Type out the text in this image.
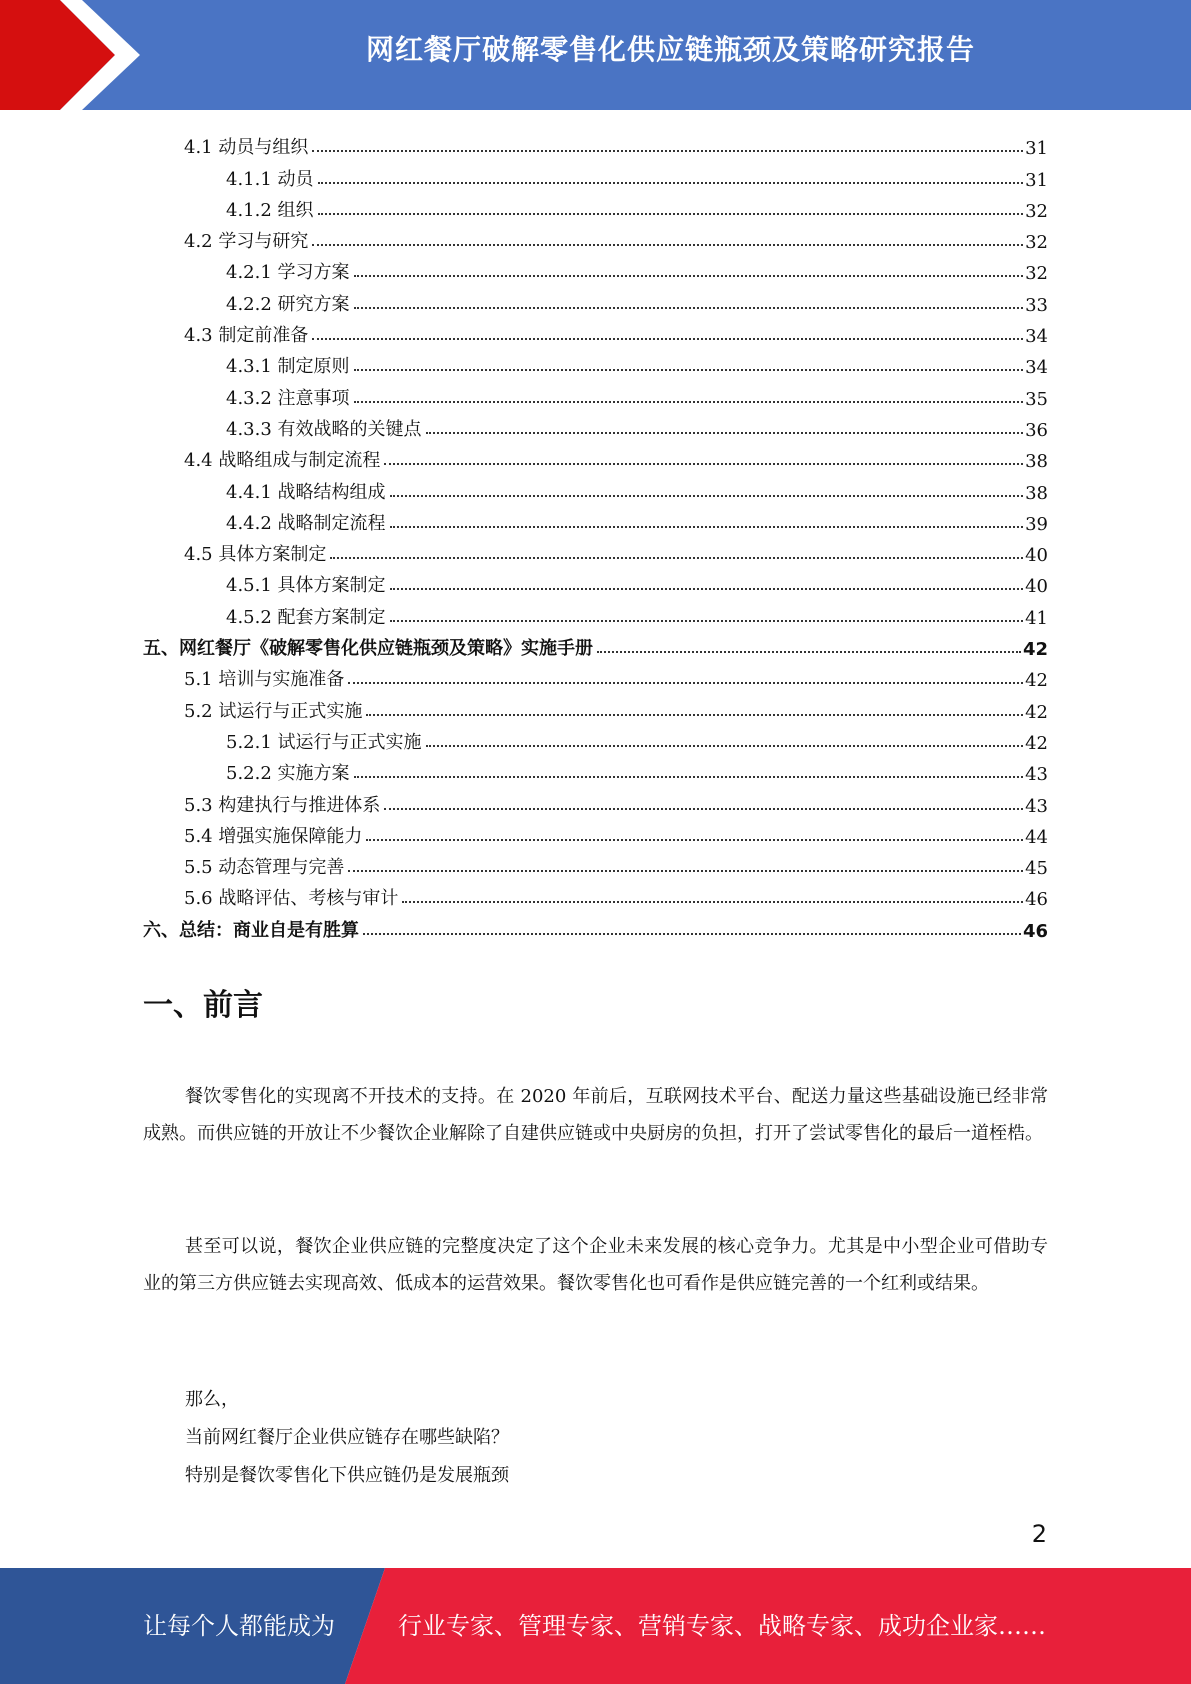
网红餐厅破解零售化供应链瓶颈及策略研究报告
4.1 动员与组织	31
4.1.1 动员	31
4.1.2 组织	32
4.2 学习与研究	32
4.2.1 学习方案	32
4.2.2 研究方案	33
4.3 制定前准备	34
4.3.1 制定原则	34
4.3.2 注意事项	35
4.3.3 有效战略的关键点	36
4.4 战略组成与制定流程	38
4.4.1 战略结构组成	38
4.4.2 战略制定流程	39
4.5 具体方案制定	40
4.5.1 具体方案制定	40
4.5.2 配套方案制定	41
五、网红餐厅《破解零售化供应链瓶颈及策略》实施手册	42
5.1 培训与实施准备	42
5.2 试运行与正式实施	42
5.2.1 试运行与正式实施	42
5.2.2 实施方案	43
5.3 构建执行与推进体系	43
5.4 增强实施保障能力	44
5.5 动态管理与完善	45
5.6 战略评估、考核与审计	46
六、总结：商业自是有胜算	46
一、前言
餐饮零售化的实现离不开技术的支持。在 2020 年前后，互联网技术平台、配送力量这些基础设施已经非常成熟。而供应链的开放让不少餐饮企业解除了自建供应链或中央厨房的负担，打开了尝试零售化的最后一道桎梏。
甚至可以说，餐饮企业供应链的完整度决定了这个企业未来发展的核心竞争力。尤其是中小型企业可借助专业的第三方供应链去实现高效、低成本的运营效果。餐饮零售化也可看作是供应链完善的一个红利或结果。
那么，
当前网红餐厅企业供应链存在哪些缺陷？
特别是餐饮零售化下供应链仍是发展瓶颈
2
让每个人都能成为	行业专家、管理专家、营销专家、战略专家、成功企业家……
